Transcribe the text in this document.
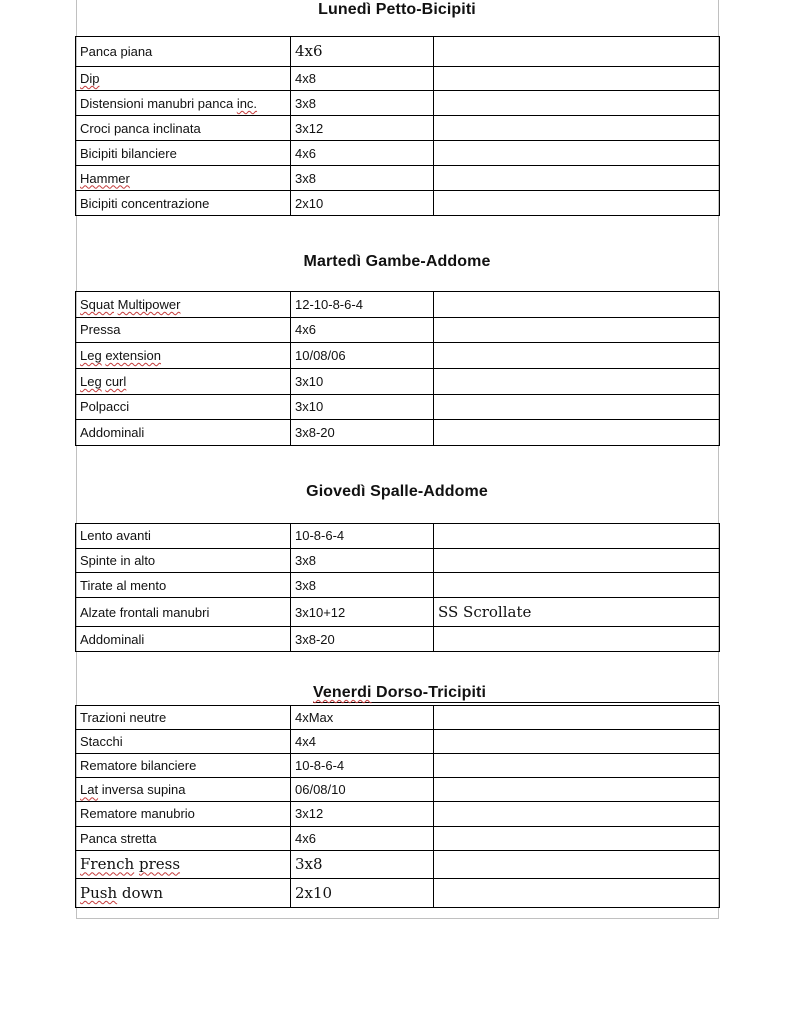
Lunedì Petto-Bicipiti
Panca piana	4x6	
Dip	4x8	
Distensioni manubri panca inc.	3x8	
Croci panca inclinata	3x12	
Bicipiti bilanciere	4x6	
Hammer	3x8	
Bicipiti concentrazione	2x10	
Martedì Gambe-Addome
Squat Multipower	12-10-8-6-4	
Pressa	4x6	
Leg extension	10/08/06	
Leg curl	3x10	
Polpacci	3x10	
Addominali	3x8-20	
Giovedì Spalle-Addome
Lento avanti	10-8-6-4	
Spinte in alto	3x8	
Tirate al mento	3x8	
Alzate frontali manubri	3x10+12	SS Scrollate
Addominali	3x8-20	
Venerdi Dorso-Tricipiti
Trazioni neutre	4xMax	
Stacchi	4x4	
Rematore bilanciere	10-8-6-4	
Lat inversa supina	06/08/10	
Rematore manubrio	3x12	
Panca stretta	4x6	
French press	3x8	
Push down	2x10	
